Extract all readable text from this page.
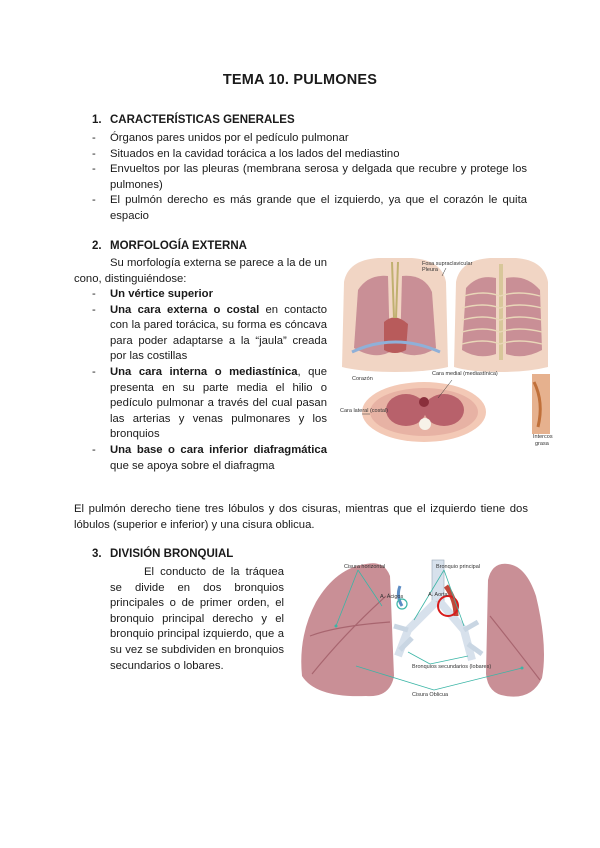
TEMA 10. PULMONES
1. CARACTERÍSTICAS GENERALES
- Órganos pares unidos por el pedículo pulmonar
- Situados en la cavidad torácica a los lados del mediastino
- Envueltos por las pleuras (membrana serosa y delgada que recubre y protege los pulmones)
- El pulmón derecho es más grande que el izquierdo, ya que el corazón le quita espacio
2. MORFOLOGÍA EXTERNA
Su morfología externa se parece a la de un cono, distinguiéndose:
- Un vértice superior
- Una cara externa o costal en contacto con la pared torácica, su forma es cóncava para poder adaptarse a la “jaula” creada por las costillas
- Una cara interna o mediastínica, que presenta en su parte media el hilio o pedículo pulmonar a través del cual pasan las arterias y venas pulmonares y los bronquios
- Una base o cara inferior diafragmática que se apoya sobre el diafragma
Fosa supraclavicular
Pleura
Corazón
Cara medial (mediastínica)
Cara lateral (costal)
Intercos
grasa
El pulmón derecho tiene tres lóbulos y dos cisuras, mientras que el izquierdo tiene dos lóbulos (superior e inferior) y una cisura oblicua.
3. DIVISIÓN BRONQUIAL
El conducto de la tráquea se divide en dos bronquios principales o de primer orden, el bronquio principal derecho y el bronquio principal izquierdo, que a su vez se subdividen en bronquios secundarios o lobares.
Cisura horizontal	Bronquio principal
A. Ácigos	A. Aorta
Bronquios secundarios (lobares)
Cisura Oblicua
